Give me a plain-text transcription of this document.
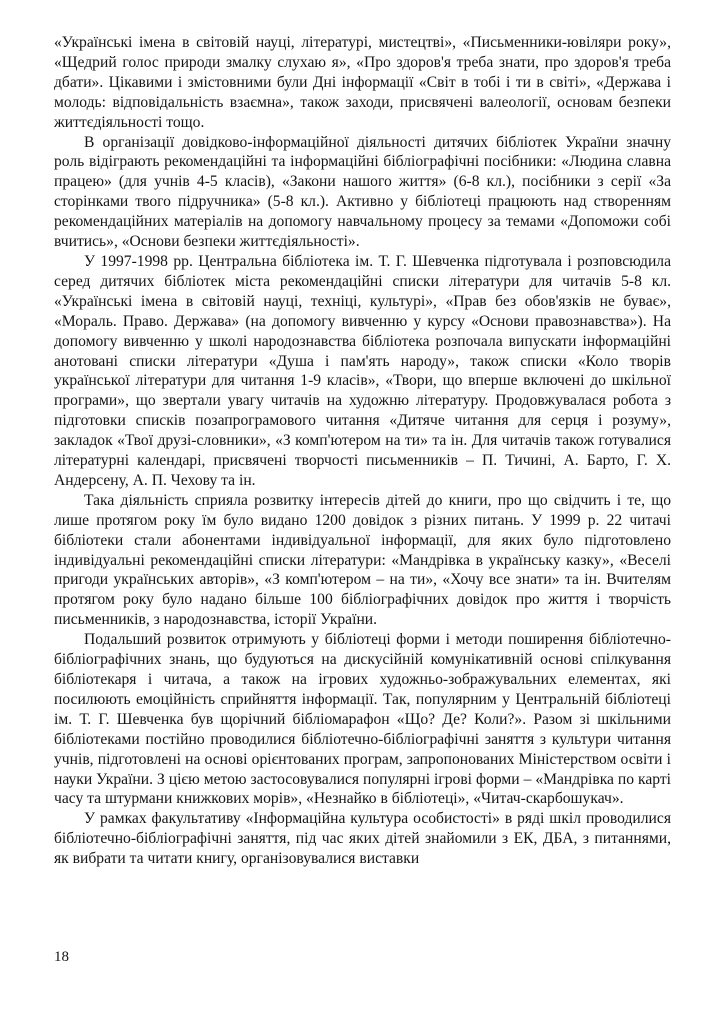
«Українські імена в світовій науці, літературі, мистецтві», «Письменники-ювіляри року», «Щедрий голос природи змалку слухаю я», «Про здоров'я треба знати, про здоров'я треба дбати». Цікавими і змістовними були Дні інформації «Світ в тобі і ти в світі», «Держава і молодь: відповідальність взаємна», також заходи, присвячені валеології, основам безпеки життєдіяльності тощо.

В організації довідково-інформаційної діяльності дитячих бібліотек України значну роль відіграють рекомендаційні та інформаційні бібліографічні посібники: «Людина славна працею» (для учнів 4-5 класів), «Закони нашого життя» (6-8 кл.), посібники з серії «За сторінками твого підручника» (5-8 кл.). Активно у бібліотеці працюють над створенням рекомендаційних матеріалів на допомогу навчальному процесу за темами «Допоможи собі вчитись», «Основи безпеки життєдіяльності».

У 1997-1998 рр. Центральна бібліотека ім. Т. Г. Шевченка підготувала і розповсюдила серед дитячих бібліотек міста рекомендаційні списки літератури для читачів 5-8 кл. «Українські імена в світовій науці, техніці, культурі», «Прав без обов'язків не буває», «Мораль. Право. Держава» (на допомогу вивченню у курсу «Основи правознавства»). На допомогу вивченню у школі народознавства бібліотека розпочала випускати інформаційні анотовані списки літератури «Душа і пам'ять народу», також списки «Коло творів української літератури для читання 1-9 класів», «Твори, що вперше включені до шкільної програми», що звертали увагу читачів на художню літературу. Продовжувалася робота з підготовки списків позапрограмового читання «Дитяче читання для серця і розуму», закладок «Твої друзі-словники», «З комп'ютером на ти» та ін. Для читачів також готувалися літературні календарі, присвячені творчості письменників – П. Тичині, А. Барто, Г. Х. Андерсену, А. П. Чехову та ін.

Така діяльність сприяла розвитку інтересів дітей до книги, про що свідчить і те, що лише протягом року їм було видано 1200 довідок з різних питань. У 1999 р. 22 читачі бібліотеки стали абонентами індивідуальної інформації, для яких було підготовлено індивідуальні рекомендаційні списки літератури: «Мандрівка в українську казку», «Веселі пригоди українських авторів», «З комп'ютером – на ти», «Хочу все знати» та ін. Вчителям протягом року було надано більше 100 бібліографічних довідок про життя і творчість письменників, з народознавства, історії України.

Подальший розвиток отримують у бібліотеці форми і методи поширення бібліотечно-бібліографічних знань, що будуються на дискусійній комунікативній основі спілкування бібліотекаря і читача, а також на ігрових художньо-зображувальних елементах, які посилюють емоційність сприйняття інформації. Так, популярним у Центральній бібліотеці ім. Т. Г. Шевченка був щорічний бібліомарафон «Що? Де? Коли?». Разом зі шкільними бібліотеками постійно проводилися бібліотечно-бібліографічні заняття з культури читання учнів, підготовлені на основі орієнтованих програм, запропонованих Міністерством освіти і науки України. З цією метою застосовувалися популярні ігрові форми – «Мандрівка по карті часу та штурмани книжкових морів», «Незнайко в бібліотеці», «Читач-скарбошукач».

У рамках факультативу «Інформаційна культура особистості» в ряді шкіл проводилися бібліотечно-бібліографічні заняття, під час яких дітей знайомили з ЕК, ДБА, з питаннями, як вибрати та читати книгу, організовувалися виставки

18
